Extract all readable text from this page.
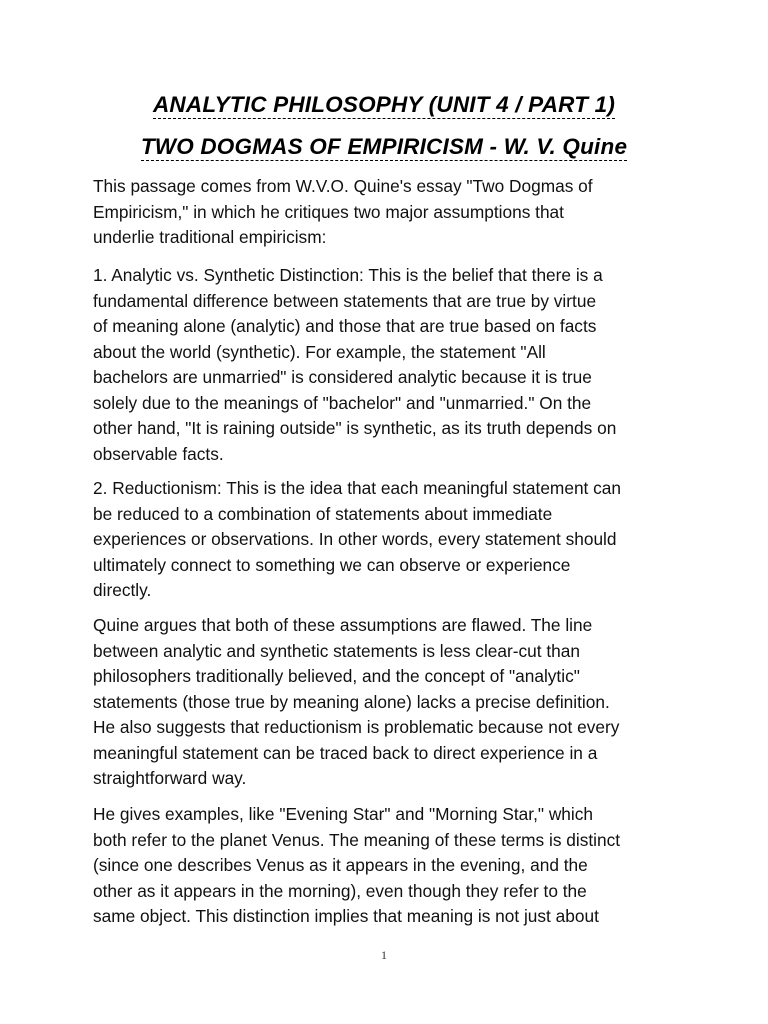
ANALYTIC PHILOSOPHY (UNIT 4 / PART 1)
TWO DOGMAS OF EMPIRICISM - W. V. Quine
This passage comes from W.V.O. Quine's essay "Two Dogmas of
Empiricism," in which he critiques two major assumptions that
underlie traditional empiricism:
1. Analytic vs. Synthetic Distinction: This is the belief that there is a
fundamental difference between statements that are true by virtue
of meaning alone (analytic) and those that are true based on facts
about the world (synthetic). For example, the statement "All
bachelors are unmarried" is considered analytic because it is true
solely due to the meanings of "bachelor" and "unmarried." On the
other hand, "It is raining outside" is synthetic, as its truth depends on
observable facts.
2. Reductionism: This is the idea that each meaningful statement can
be reduced to a combination of statements about immediate
experiences or observations. In other words, every statement should
ultimately connect to something we can observe or experience
directly.
Quine argues that both of these assumptions are flawed. The line
between analytic and synthetic statements is less clear-cut than
philosophers traditionally believed, and the concept of "analytic"
statements (those true by meaning alone) lacks a precise definition.
He also suggests that reductionism is problematic because not every
meaningful statement can be traced back to direct experience in a
straightforward way.
He gives examples, like "Evening Star" and "Morning Star," which
both refer to the planet Venus. The meaning of these terms is distinct
(since one describes Venus as it appears in the evening, and the
other as it appears in the morning), even though they refer to the
same object. This distinction implies that meaning is not just about
1
